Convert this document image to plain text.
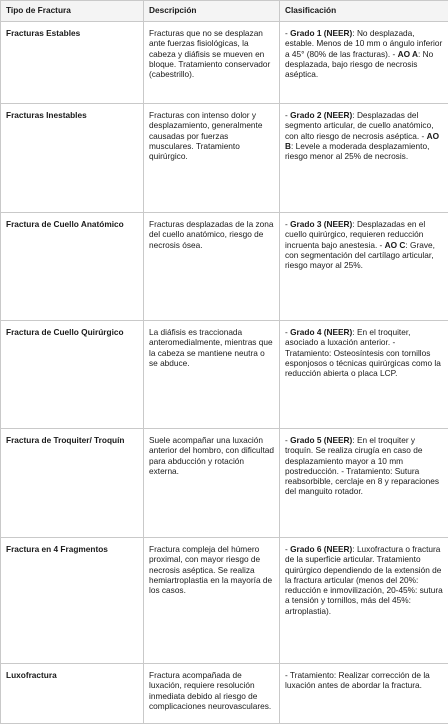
Tipo de Fractura	Descripción	Clasificación
Fracturas Estables	Fracturas que no se desplazan ante fuerzas fisiológicas, la cabeza y diáfisis se mueven en bloque. Tratamiento conservador (cabestrillo).	- Grado 1 (NEER): No desplazada, estable. Menos de 10 mm o ángulo inferior a 45° (80% de las fracturas). - AO A: No desplazada, bajo riesgo de necrosis aséptica.
Fracturas Inestables	Fracturas con intenso dolor y desplazamiento, generalmente causadas por fuerzas musculares. Tratamiento quirúrgico.	- Grado 2 (NEER): Desplazadas del segmento articular, de cuello anatómico, con alto riesgo de necrosis aséptica. - AO B: Levele a moderada desplazamiento, riesgo menor al 25% de necrosis.
Fractura de Cuello Anatómico	Fracturas desplazadas de la zona del cuello anatómico, riesgo de necrosis ósea.	- Grado 3 (NEER): Desplazadas en el cuello quirúrgico, requieren reducción incruenta bajo anestesia. - AO C: Grave, con segmentación del cartílago articular, riesgo mayor al 25%.
Fractura de Cuello Quirúrgico	La diáfisis es traccionada anteromedialmente, mientras que la cabeza se mantiene neutra o se abduce.	- Grado 4 (NEER): En el troquiter, asociado a luxación anterior. - Tratamiento: Osteosíntesis con tornillos esponjosos o técnicas quirúrgicas como la reducción abierta o placa LCP.
Fractura de Troquiter/ Troquín	Suele acompañar una luxación anterior del hombro, con dificultad para abducción y rotación externa.	- Grado 5 (NEER): En el troquiter y troquín. Se realiza cirugía en caso de desplazamiento mayor a 10 mm postreducción. - Tratamiento: Sutura reabsorbible, cerclaje en 8 y reparaciones del manguito rotador.
Fractura en 4 Fragmentos	Fractura compleja del húmero proximal, con mayor riesgo de necrosis aséptica. Se realiza hemiartroplastia en la mayoría de los casos.	- Grado 6 (NEER): Luxofractura o fractura de la superficie articular. Tratamiento quirúrgico dependiendo de la extensión de la fractura articular (menos del 20%: reducción e inmovilización, 20-45%: sutura a tensión y tornillos, más del 45%: artroplastia).
Luxofractura	Fractura acompañada de luxación, requiere resolución inmediata debido al riesgo de complicaciones neurovasculares.	- Tratamiento: Realizar corrección de la luxación antes de abordar la fractura.
